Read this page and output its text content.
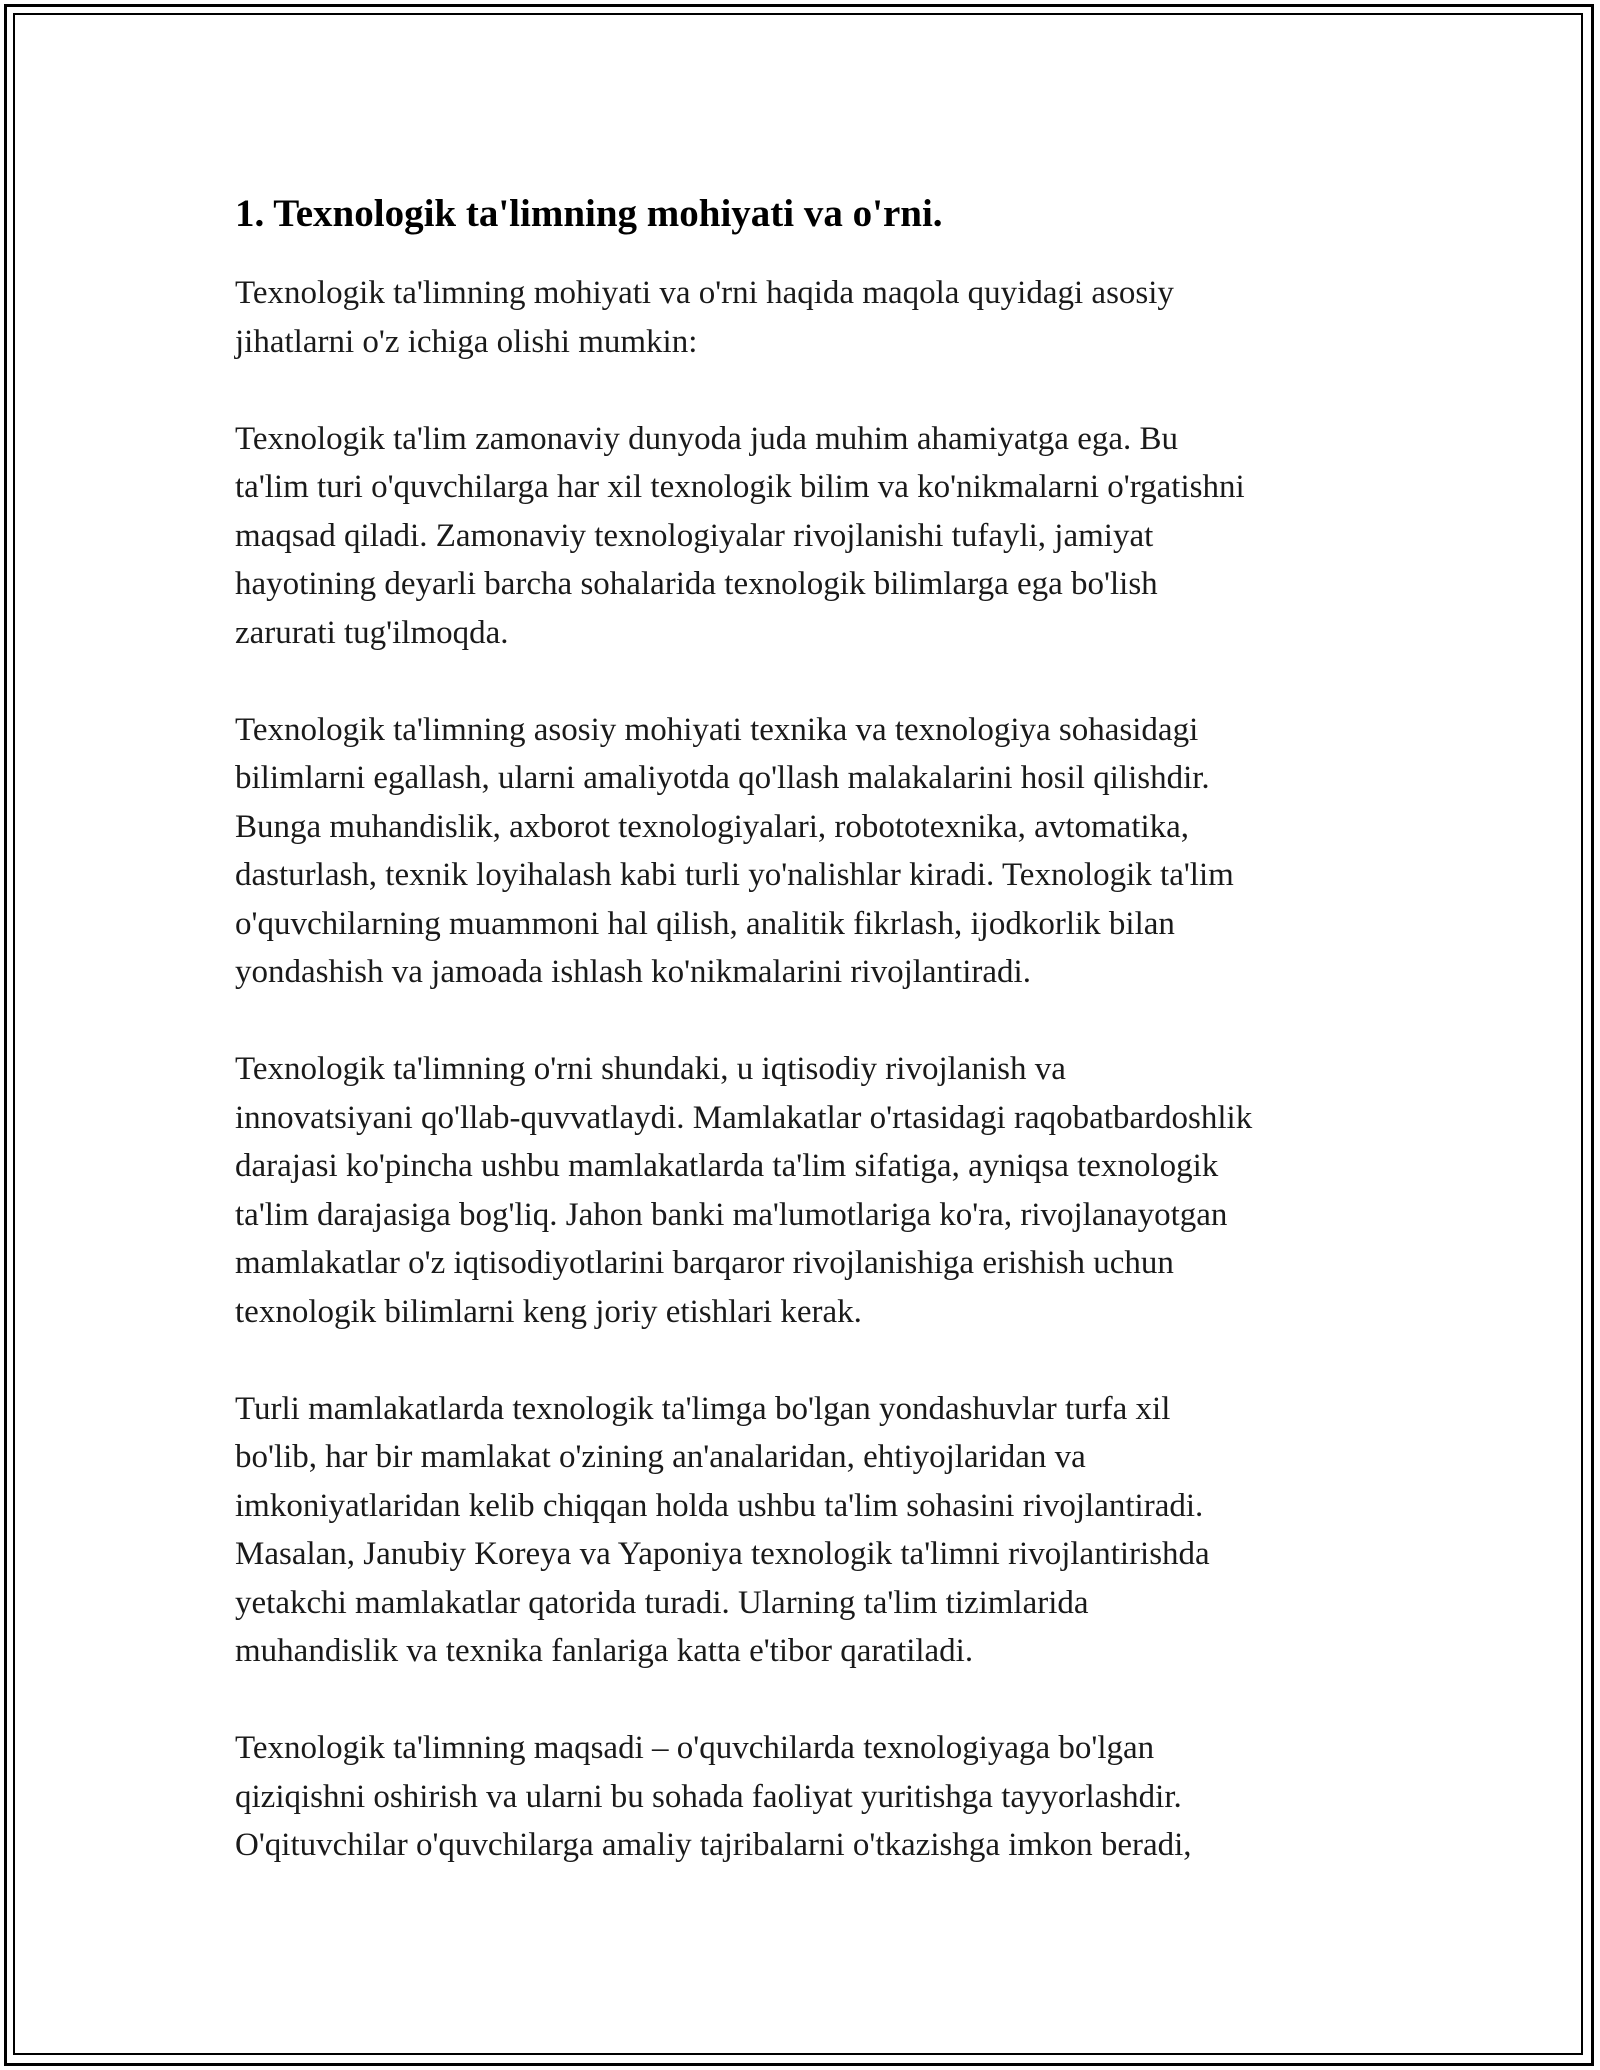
1. Texnologik ta'limning mohiyati va o'rni.

Texnologik ta'limning mohiyati va o'rni haqida maqola quyidagi asosiy
jihatlarni o'z ichiga olishi mumkin:

Texnologik ta'lim zamonaviy dunyoda juda muhim ahamiyatga ega. Bu
ta'lim turi o'quvchilarga har xil texnologik bilim va ko'nikmalarni o'rgatishni
maqsad qiladi. Zamonaviy texnologiyalar rivojlanishi tufayli, jamiyat
hayotining deyarli barcha sohalarida texnologik bilimlarga ega bo'lish
zarurati tug'ilmoqda.

Texnologik ta'limning asosiy mohiyati texnika va texnologiya sohasidagi
bilimlarni egallash, ularni amaliyotda qo'llash malakalarini hosil qilishdir.
Bunga muhandislik, axborot texnologiyalari, robototexnika, avtomatika,
dasturlash, texnik loyihalash kabi turli yo'nalishlar kiradi. Texnologik ta'lim
o'quvchilarning muammoni hal qilish, analitik fikrlash, ijodkorlik bilan
yondashish va jamoada ishlash ko'nikmalarini rivojlantiradi.

Texnologik ta'limning o'rni shundaki, u iqtisodiy rivojlanish va
innovatsiyani qo'llab-quvvatlaydi. Mamlakatlar o'rtasidagi raqobatbardoshlik
darajasi ko'pincha ushbu mamlakatlarda ta'lim sifatiga, ayniqsa texnologik
ta'lim darajasiga bog'liq. Jahon banki ma'lumotlariga ko'ra, rivojlanayotgan
mamlakatlar o'z iqtisodiyotlarini barqaror rivojlanishiga erishish uchun
texnologik bilimlarni keng joriy etishlari kerak.

Turli mamlakatlarda texnologik ta'limga bo'lgan yondashuvlar turfa xil
bo'lib, har bir mamlakat o'zining an'analaridan, ehtiyojlaridan va
imkoniyatlaridan kelib chiqqan holda ushbu ta'lim sohasini rivojlantiradi.
Masalan, Janubiy Koreya va Yaponiya texnologik ta'limni rivojlantirishda
yetakchi mamlakatlar qatorida turadi. Ularning ta'lim tizimlarida
muhandislik va texnika fanlariga katta e'tibor qaratiladi.

Texnologik ta'limning maqsadi – o'quvchilarda texnologiyaga bo'lgan
qiziqishni oshirish va ularni bu sohada faoliyat yuritishga tayyorlashdir.
O'qituvchilar o'quvchilarga amaliy tajribalarni o'tkazishga imkon beradi,
